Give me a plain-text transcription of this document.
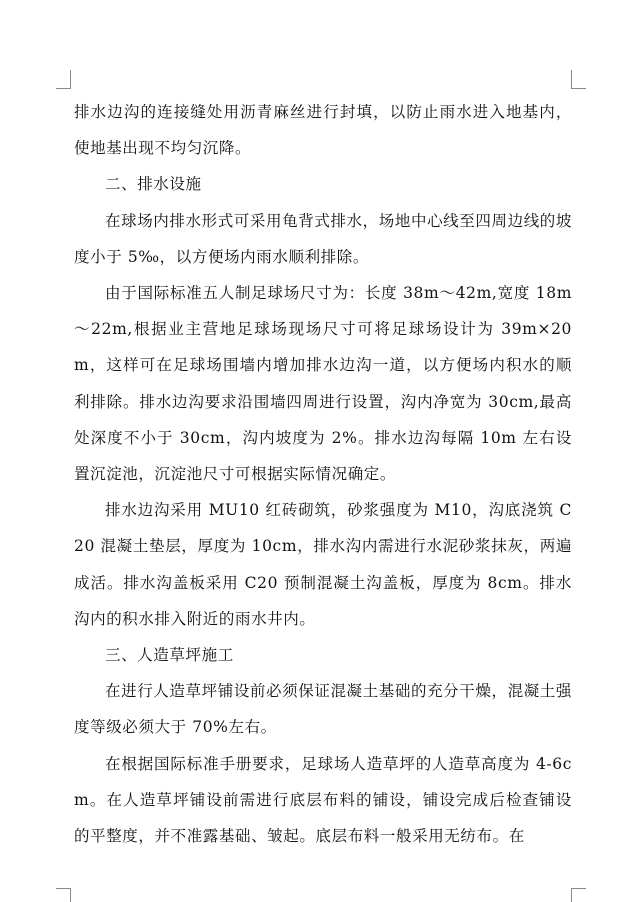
排水边沟的连接缝处用沥青麻丝进行封填，以防止雨水进入地基内，使地基出现不均匀沉降。

二、排水设施

在球场内排水形式可采用龟背式排水，场地中心线至四周边线的坡度小于 5‰，以方便场内雨水顺利排除。

由于国际标准五人制足球场尺寸为：长度 38m～42m,宽度 18m～22m,根据业主营地足球场现场尺寸可将足球场设计为 39m×20m，这样可在足球场围墙内增加排水边沟一道，以方便场内积水的顺利排除。排水边沟要求沿围墙四周进行设置，沟内净宽为 30cm,最高处深度不小于 30cm，沟内坡度为 2%。排水边沟每隔 10m 左右设置沉淀池，沉淀池尺寸可根据实际情况确定。

排水边沟采用 MU10 红砖砌筑，砂浆强度为 M10，沟底浇筑 C20 混凝土垫层，厚度为 10cm，排水沟内需进行水泥砂浆抹灰，两遍成活。排水沟盖板采用 C20 预制混凝土沟盖板，厚度为 8cm。排水沟内的积水排入附近的雨水井内。

三、人造草坪施工

在进行人造草坪铺设前必须保证混凝土基础的充分干燥，混凝土强度等级必须大于 70%左右。

在根据国际标准手册要求，足球场人造草坪的人造草高度为 4-6cm。在人造草坪铺设前需进行底层布料的铺设，铺设完成后检查铺设的平整度，并不准露基础、皱起。底层布料一般采用无纺布。在
